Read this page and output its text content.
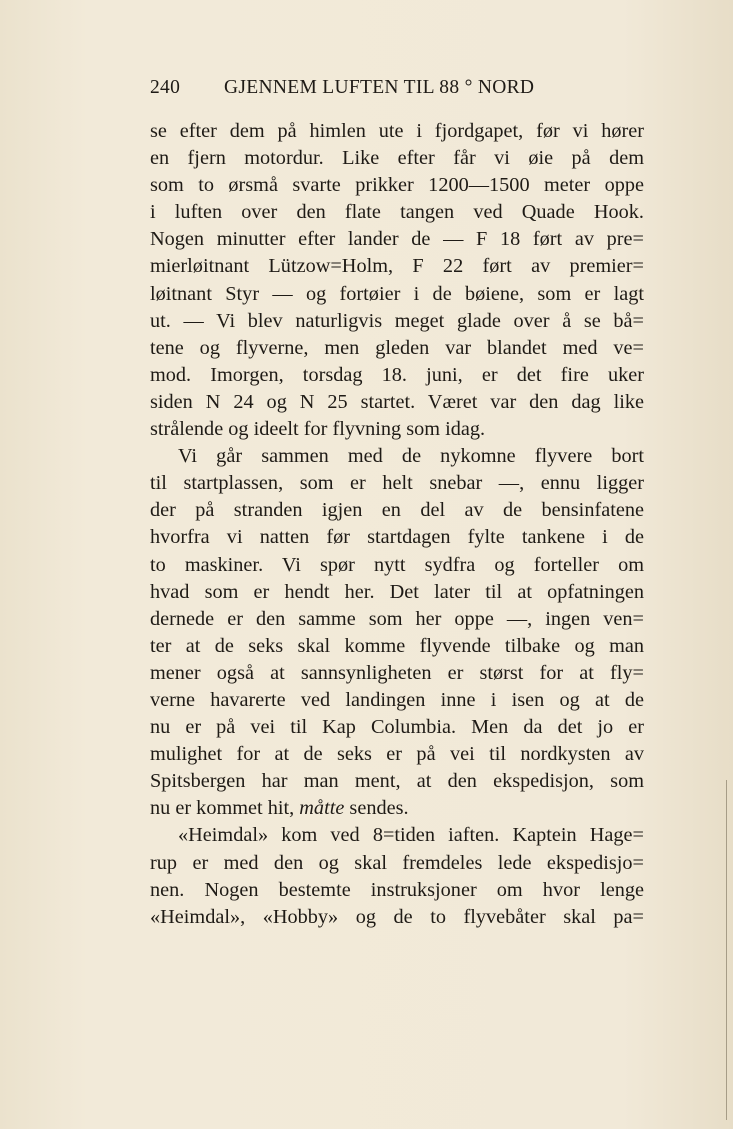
240 GJENNEM LUFTEN TIL 88 ° NORD

se efter dem på himlen ute i fjordgapet, før vi hører

en fjern motordur. Like efter får vi øie på dem

som to ørsmå svarte prikker 1200—1500 meter oppe

i luften over den flate tangen ved Quade Hook.

Nogen minutter efter lander de — F 18 ført av pre=

mierløitnant Lützow=Holm, F 22 ført av premier=

løitnant Styr — og fortøier i de bøiene, som er lagt

ut. — Vi blev naturligvis meget glade over å se bå=

tene og flyverne, men gleden var blandet med ve=

mod. Imorgen, torsdag 18. juni, er det fire uker

siden N 24 og N 25 startet. Været var den dag like

strålende og ideelt for flyvning som idag.

Vi går sammen med de nykomne flyvere bort

til startplassen, som er helt snebar —, ennu ligger

der på stranden igjen en del av de bensinfatene

hvorfra vi natten før startdagen fylte tankene i de

to maskiner. Vi spør nytt sydfra og forteller om

hvad som er hendt her. Det later til at opfatningen

dernede er den samme som her oppe —, ingen ven=

ter at de seks skal komme flyvende tilbake og man

mener også at sannsynligheten er størst for at fly=

verne havarerte ved landingen inne i isen og at de

nu er på vei til Kap Columbia. Men da det jo er

mulighet for at de seks er på vei til nordkysten av

Spitsbergen har man ment, at den ekspedisjon, som

nu er kommet hit, måtte sendes.

«Heimdal» kom ved 8=tiden iaften. Kaptein Hage=

rup er med den og skal fremdeles lede ekspedisjo=

nen. Nogen bestemte instruksjoner om hvor lenge

«Heimdal», «Hobby» og de to flyvebåter skal pa=
